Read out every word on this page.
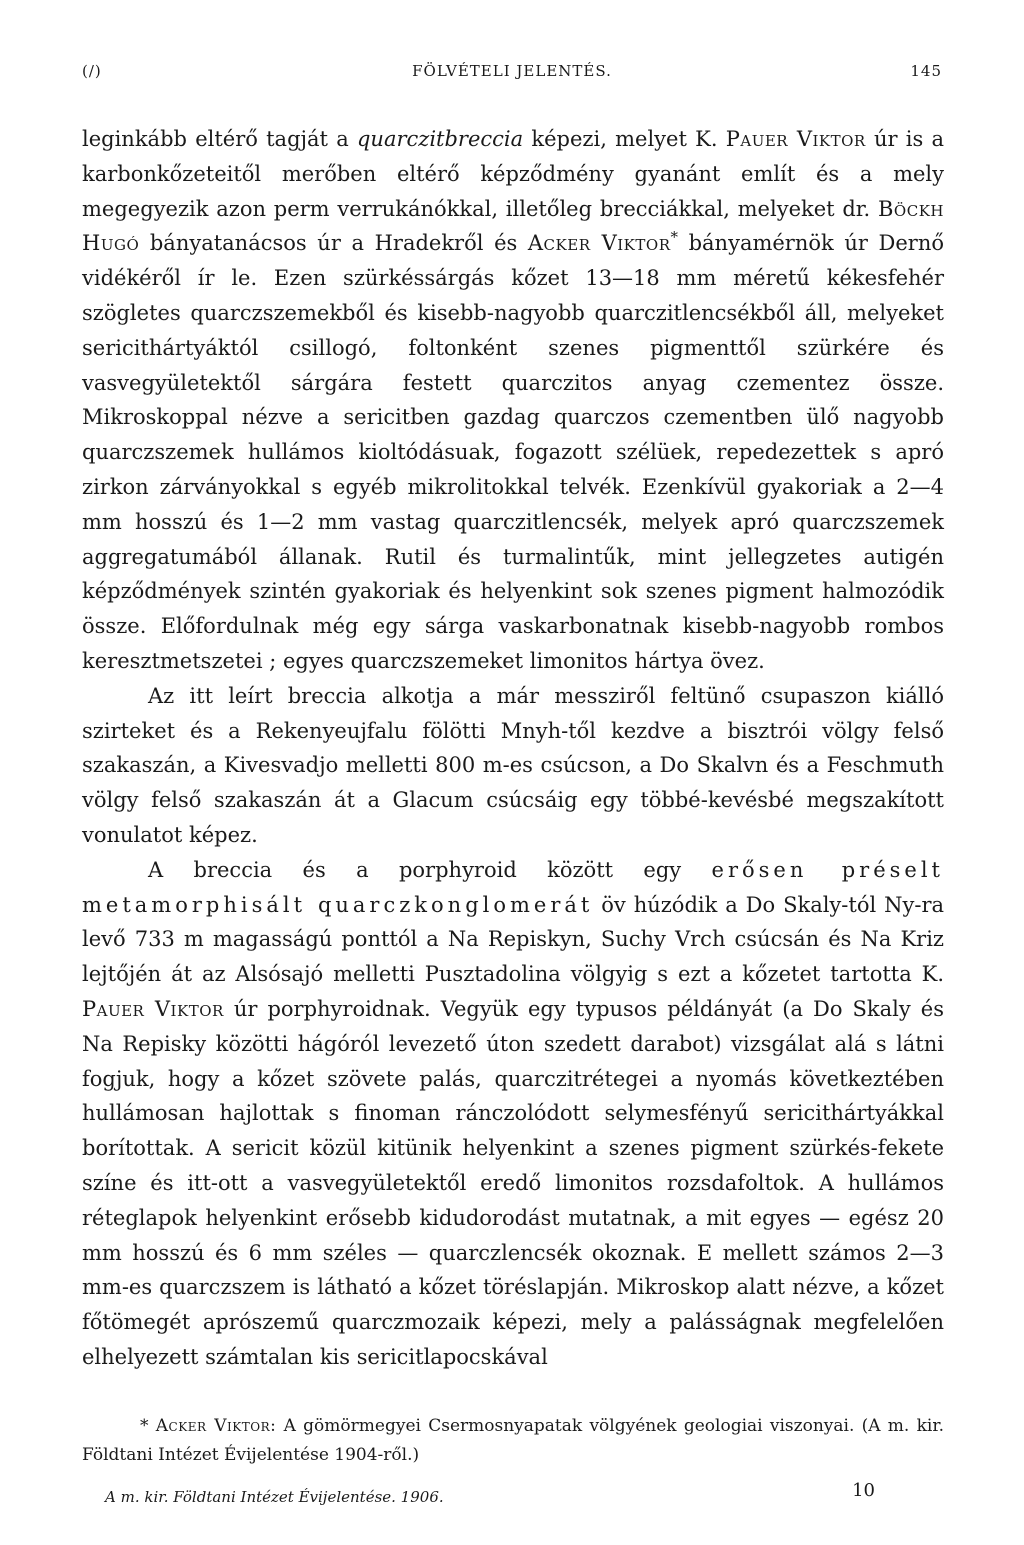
(/)	FÖLVÉTELI JELENTÉS.	145

leginkább eltérő tagját a quarczitbreccia képezi, melyet K. Pauer Viktor úr is a karbonkőzeteitől merőben eltérő képződmény gyanánt említ és a mely megegyezik azon perm verrukánókkal, illetőleg brecciákkal, melyeket dr. Böckh Hugó bányatanácsos úr a Hradekről és Acker Viktor* bányamérnök úr Dernő vidékéről ír le. Ezen szürkéssárgás kőzet 13—18 mm méretű kékesfehér szögletes quarczszemekből és kisebb-nagyobb quarczitlencsékből áll, melyeket sericithártyáktól csillogó, foltonként szenes pigmenttől szürkére és vasvegyületektől sárgára festett quarczitos anyag czementez össze. Mikroskoppal nézve a sericitben gazdag quarczos czementben ülő nagyobb quarczszemek hullámos kioltódásuak, fogazott szélüek, repedezettek s apró zirkon zárványokkal s egyéb mikrolitokkal telvék. Ezenkívül gyakoriak a 2—4 mm hosszú és 1—2 mm vastag quarczitlencsék, melyek apró quarczszemek aggregatumából állanak. Rutil és turmalintűk, mint jellegzetes autigén képződmények szintén gyakoriak és helyenkint sok szenes pigment halmozódik össze. Előfordulnak még egy sárga vaskarbonatnak kisebb-nagyobb rombos keresztmetszetei ; egyes quarczszemeket limonitos hártya övez.

Az itt leírt breccia alkotja a már messziről feltünő csupaszon kiálló szirteket és a Rekenyeujfalu fölötti Mnyh-től kezdve a bisztrói völgy felső szakaszán, a Kivesvadjo melletti 800 m-es csúcson, a Do Skalvn és a Feschmuth völgy felső szakaszán át a Glacum csúcsáig egy többé-kevésbé megszakított vonulatot képez.

A breccia és a porphyroid között egy erősen préselt metamorphisált quarczkonglomerát öv húzódik a Do Skaly-tól Ny-ra levő 733 m magasságú ponttól a Na Repiskyn, Suchy Vrch csúcsán és Na Kriz lejtőjén át az Alsósajó melletti Pusztadolina völgyig s ezt a kőzetet tartotta K. Pauer Viktor úr porphyroidnak. Vegyük egy typusos példányát (a Do Skaly és Na Repisky közötti hágóról levezető úton szedett darabot) vizsgálat alá s látni fogjuk, hogy a kőzet szövete palás, quarczitrétegei a nyomás következtében hullámosan hajlottak s finoman ránczolódott selymesfényű sericithártyákkal borítottak. A sericit közül kitünik helyenkint a szenes pigment szürkés-fekete színe és itt-ott a vasvegyületektől eredő limonitos rozsdafoltok. A hullámos réteglapok helyenkint erősebb kidudorodást mutatnak, a mit egyes — egész 20 mm hosszú és 6 mm széles — quarczlencsék okoznak. E mellett számos 2—3 mm-es quarczszem is látható a kőzet töréslapján. Mikroskop alatt nézve, a kőzet főtömegét aprószemű quarczmozaik képezi, mely a palásságnak megfelelően elhelyezett számtalan kis sericitlapocskával

* Acker Viktor: A gömörmegyei Csermosnyapatak völgyének geologiai viszonyai. (A m. kir. Földtani Intézet Évijelentése 1904-ről.)

A m. kir. Földtani Intézet Évijelentése. 1906.	10
